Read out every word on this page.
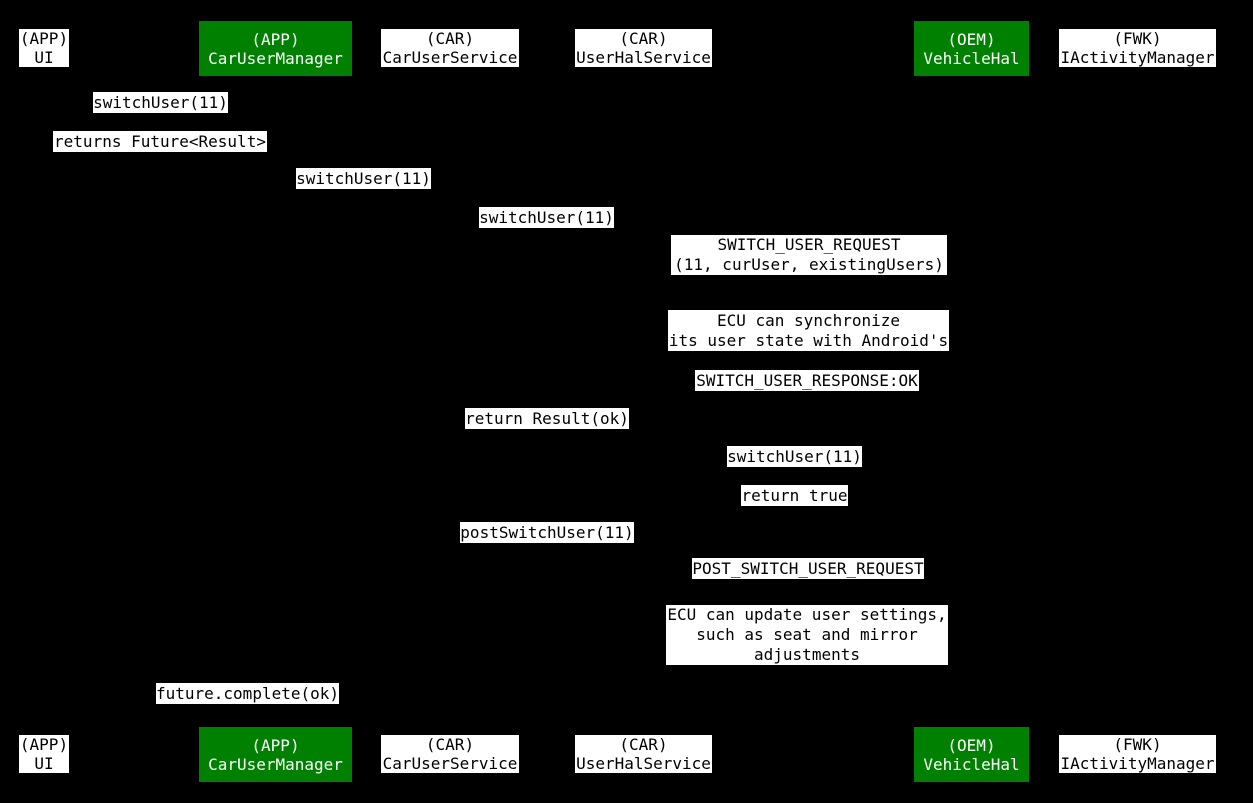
(APP)
UI
(APP)
UI
(APP)
CarUserManager
(APP)
CarUserManager
(CAR)
CarUserService
(CAR)
CarUserService
(CAR)
UserHalService
(CAR)
UserHalService
(OEM)
VehicleHal
(OEM)
VehicleHal
(FWK)
IActivityManager
(FWK)
IActivityManager
switchUser(11)
returns Future<Result>
switchUser(11)
switchUser(11)
SWITCH_USER_REQUEST
(11, curUser, existingUsers)
ECU can synchronize
its user state with Android's
SWITCH_USER_RESPONSE:OK
return Result(ok)
switchUser(11)
return true
postSwitchUser(11)
POST_SWITCH_USER_REQUEST
ECU can update user settings,
such as seat and mirror
adjustments
future.complete(ok)
